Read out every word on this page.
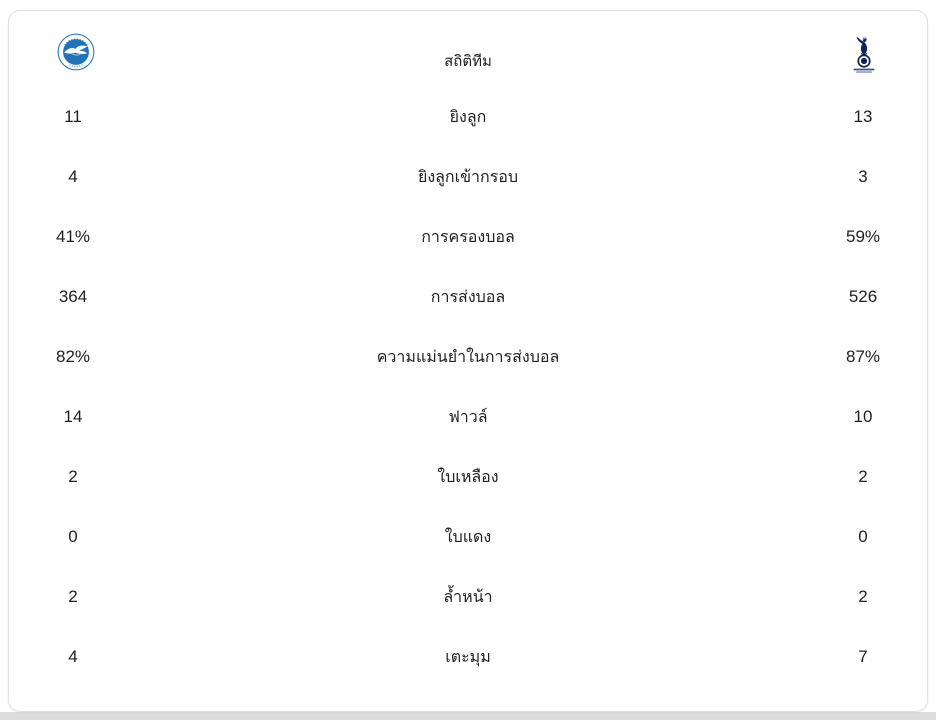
สถิติทีม
11	ยิงลูก	13
4	ยิงลูกเข้ากรอบ	3
41%	การครองบอล	59%
364	การส่งบอล	526
82%	ความแม่นยำในการส่งบอล	87%
14	ฟาวล์	10
2	ใบเหลือง	2
0	ใบแดง	0
2	ล้ำหน้า	2
4	เตะมุม	7
